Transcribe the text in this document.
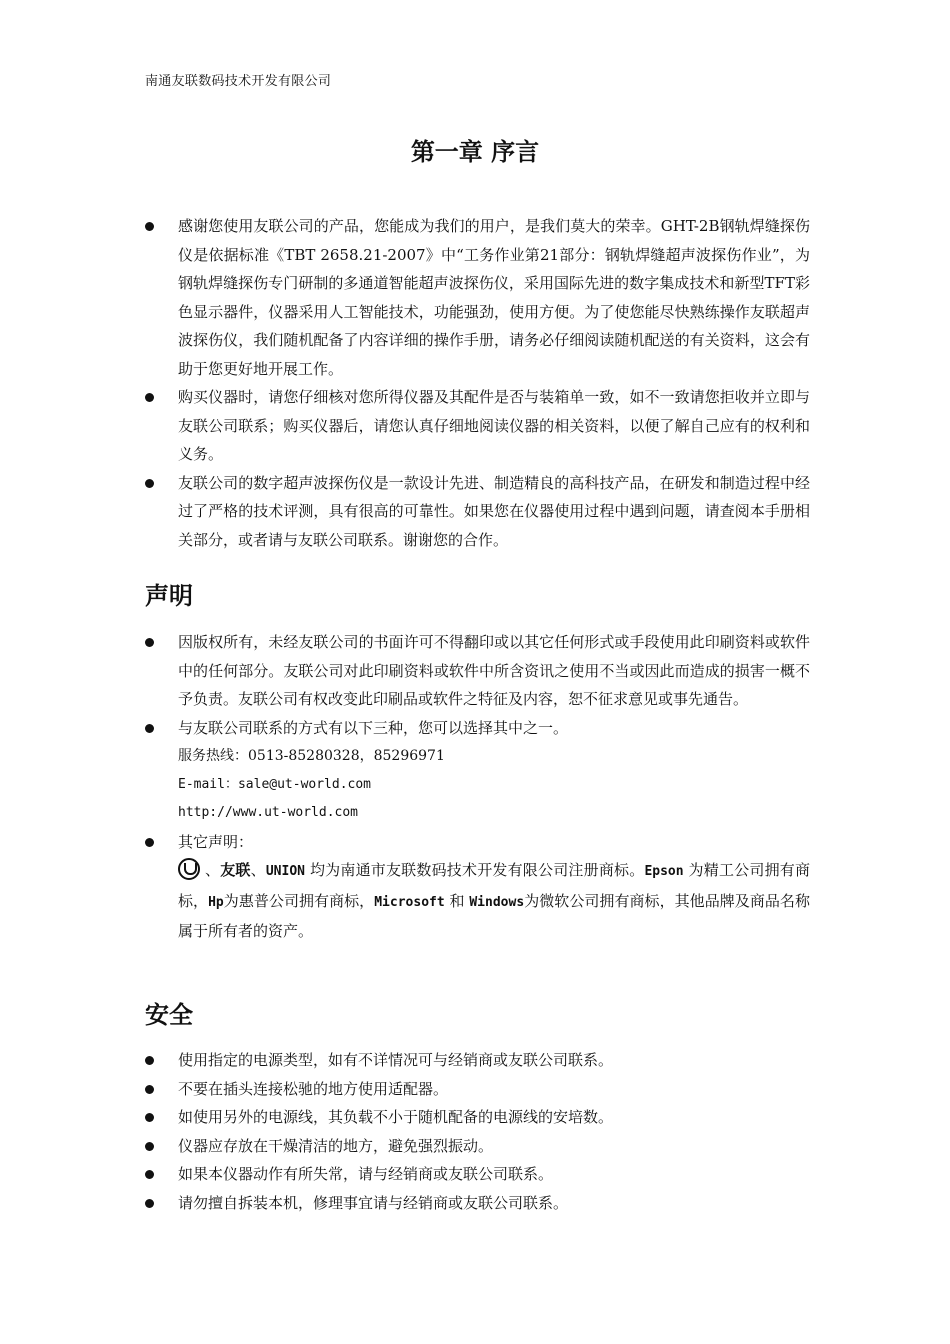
南通友联数码技术开发有限公司
第一章 序言
感谢您使用友联公司的产品，您能成为我们的用户，是我们莫大的荣幸。GHT-2B钢轨焊缝探伤仪是依据标准《TBT 2658.21-2007》中“工务作业第21部分：钢轨焊缝超声波探伤作业”，为钢轨焊缝探伤专门研制的多通道智能超声波探伤仪，采用国际先进的数字集成技术和新型TFT彩色显示器件，仪器采用人工智能技术，功能强劲，使用方便。为了使您能尽快熟练操作友联超声波探伤仪，我们随机配备了内容详细的操作手册，请务必仔细阅读随机配送的有关资料，这会有助于您更好地开展工作。
购买仪器时，请您仔细核对您所得仪器及其配件是否与装箱单一致，如不一致请您拒收并立即与友联公司联系；购买仪器后，请您认真仔细地阅读仪器的相关资料，以便了解自己应有的权利和义务。
友联公司的数字超声波探伤仪是一款设计先进、制造精良的高科技产品，在研发和制造过程中经过了严格的技术评测，具有很高的可靠性。如果您在仪器使用过程中遇到问题，请查阅本手册相关部分，或者请与友联公司联系。谢谢您的合作。
声明
因版权所有，未经友联公司的书面许可不得翻印或以其它任何形式或手段使用此印刷资料或软件中的任何部分。友联公司对此印刷资料或软件中所含资讯之使用不当或因此而造成的损害一概不予负责。友联公司有权改变此印刷品或软件之特征及内容，恕不征求意见或事先通告。
与友联公司联系的方式有以下三种，您可以选择其中之一。
服务热线：0513-85280328，85296971
E-mail：sale@ut-world.com
http://www.ut-world.com
其它声明：
、友联、UNION 均为南通市友联数码技术开发有限公司注册商标。Epson 为精工公司拥有商标，Hp为惠普公司拥有商标，Microsoft 和 Windows为微软公司拥有商标，其他品牌及商品名称属于所有者的资产。
安全
使用指定的电源类型，如有不详情况可与经销商或友联公司联系。
不要在插头连接松驰的地方使用适配器。
如使用另外的电源线，其负载不小于随机配备的电源线的安培数。
仪器应存放在干燥清洁的地方，避免强烈振动。
如果本仪器动作有所失常，请与经销商或友联公司联系。
请勿擅自拆装本机，修理事宜请与经销商或友联公司联系。
